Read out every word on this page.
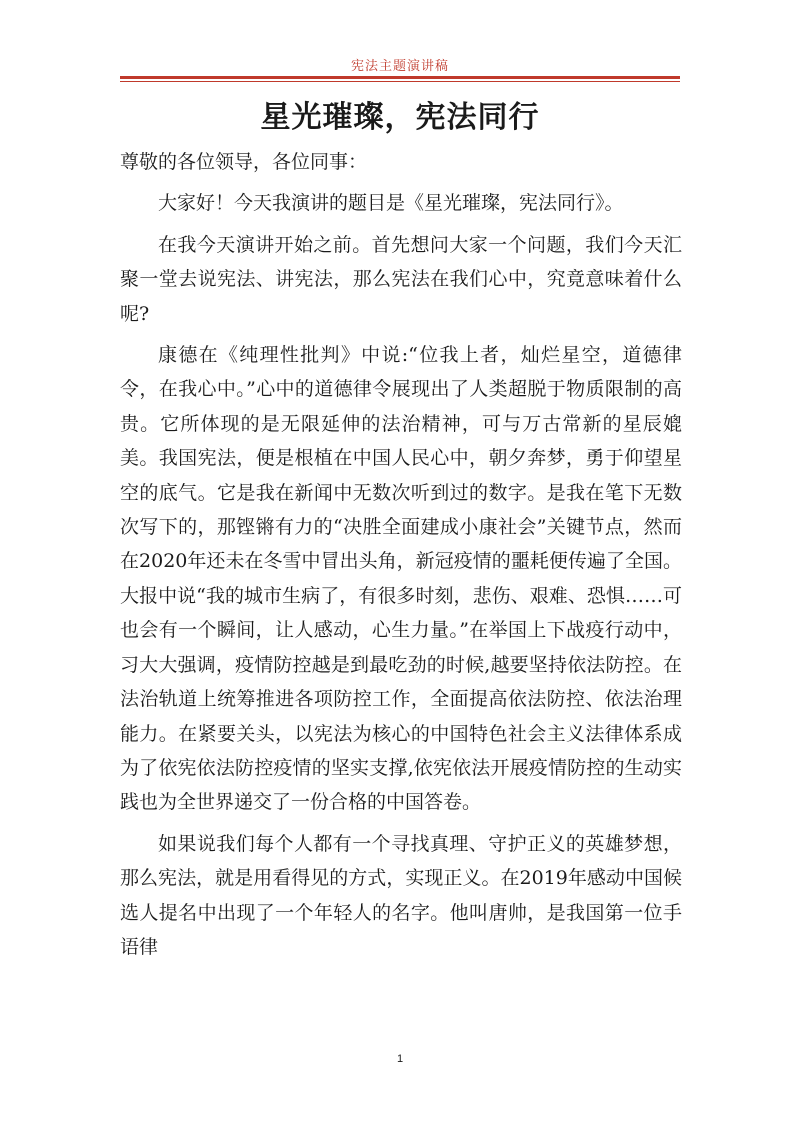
宪法主题演讲稿
星光璀璨，宪法同行

尊敬的各位领导，各位同事：

大家好！今天我演讲的题目是《星光璀璨，宪法同行》。

在我今天演讲开始之前。首先想问大家一个问题，我们今天汇聚一堂去说宪法、讲宪法，那么宪法在我们心中，究竟意味着什么呢?

康德在《纯理性批判》中说:“位我上者，灿烂星空，道德律令，在我心中。”心中的道德律令展现出了人类超脱于物质限制的高贵。它所体现的是无限延伸的法治精神，可与万古常新的星辰媲美。我国宪法，便是根植在中国人民心中，朝夕奔梦，勇于仰望星空的底气。它是我在新闻中无数次听到过的数字。是我在笔下无数次写下的，那铿锵有力的“决胜全面建成小康社会”关键节点，然而在2020年还未在冬雪中冒出头角，新冠疫情的噩耗便传遍了全国。大报中说“我的城市生病了，有很多时刻，悲伤、艰难、恐惧……可也会有一个瞬间，让人感动，心生力量。”在举国上下战疫行动中，习大大强调，疫情防控越是到最吃劲的时候,越要坚持依法防控。在法治轨道上统筹推进各项防控工作，全面提高依法防控、依法治理能力。在紧要关头，以宪法为核心的中国特色社会主义法律体系成为了依宪依法防控疫情的坚实支撑,依宪依法开展疫情防控的生动实践也为全世界递交了一份合格的中国答卷。

如果说我们每个人都有一个寻找真理、守护正义的英雄梦想，那么宪法，就是用看得见的方式，实现正义。在2019年感动中国候选人提名中出现了一个年轻人的名字。他叫唐帅，是我国第一位手语律

1
